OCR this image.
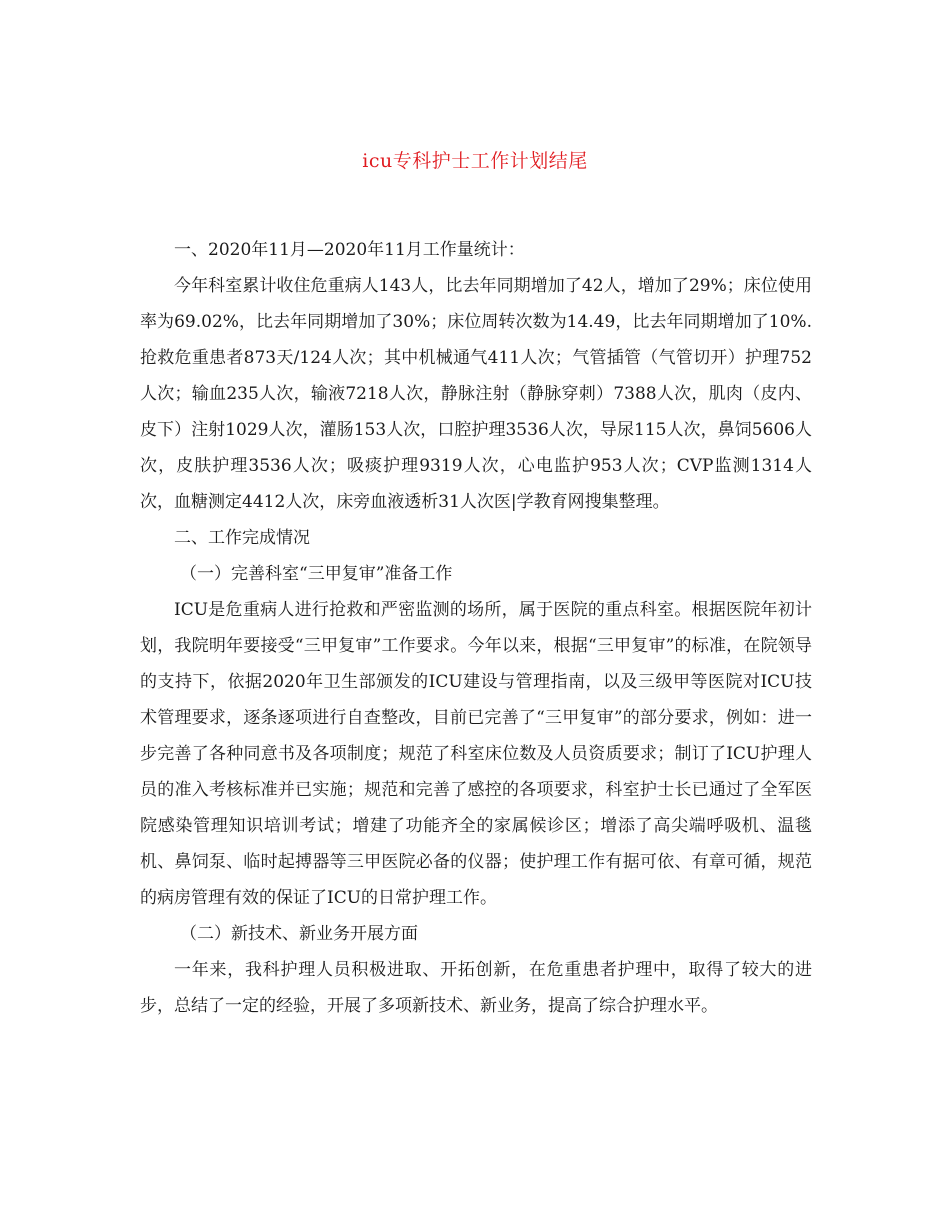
icu专科护士工作计划结尾

一、2020年11月—2020年11月工作量统计：

今年科室累计收住危重病人143人，比去年同期增加了42人，增加了29%；床位使用率为69.02%，比去年同期增加了30%；床位周转次数为14.49，比去年同期增加了10%.抢救危重患者873天/124人次；其中机械通气411人次；气管插管（气管切开）护理752人次；输血235人次，输液7218人次，静脉注射（静脉穿刺）7388人次，肌肉（皮内、皮下）注射1029人次，灌肠153人次，口腔护理3536人次，导尿115人次，鼻饲5606人次，皮肤护理3536人次；吸痰护理9319人次，心电监护953人次；CVP监测1314人次，血糖测定4412人次，床旁血液透析31人次医|学教育网搜集整理。

二、工作完成情况

（一）完善科室“三甲复审”准备工作

ICU是危重病人进行抢救和严密监测的场所，属于医院的重点科室。根据医院年初计划，我院明年要接受“三甲复审”工作要求。今年以来，根据“三甲复审”的标准，在院领导的支持下，依据2020年卫生部颁发的ICU建设与管理指南，以及三级甲等医院对ICU技术管理要求，逐条逐项进行自查整改，目前已完善了“三甲复审”的部分要求，例如：进一步完善了各种同意书及各项制度；规范了科室床位数及人员资质要求；制订了ICU护理人员的准入考核标准并已实施；规范和完善了感控的各项要求，科室护士长已通过了全军医院感染管理知识培训考试；增建了功能齐全的家属候诊区；增添了高尖端呼吸机、温毯机、鼻饲泵、临时起搏器等三甲医院必备的仪器；使护理工作有据可依、有章可循，规范的病房管理有效的保证了ICU的日常护理工作。

（二）新技术、新业务开展方面

一年来，我科护理人员积极进取、开拓创新，在危重患者护理中，取得了较大的进步，总结了一定的经验，开展了多项新技术、新业务，提高了综合护理水平。
